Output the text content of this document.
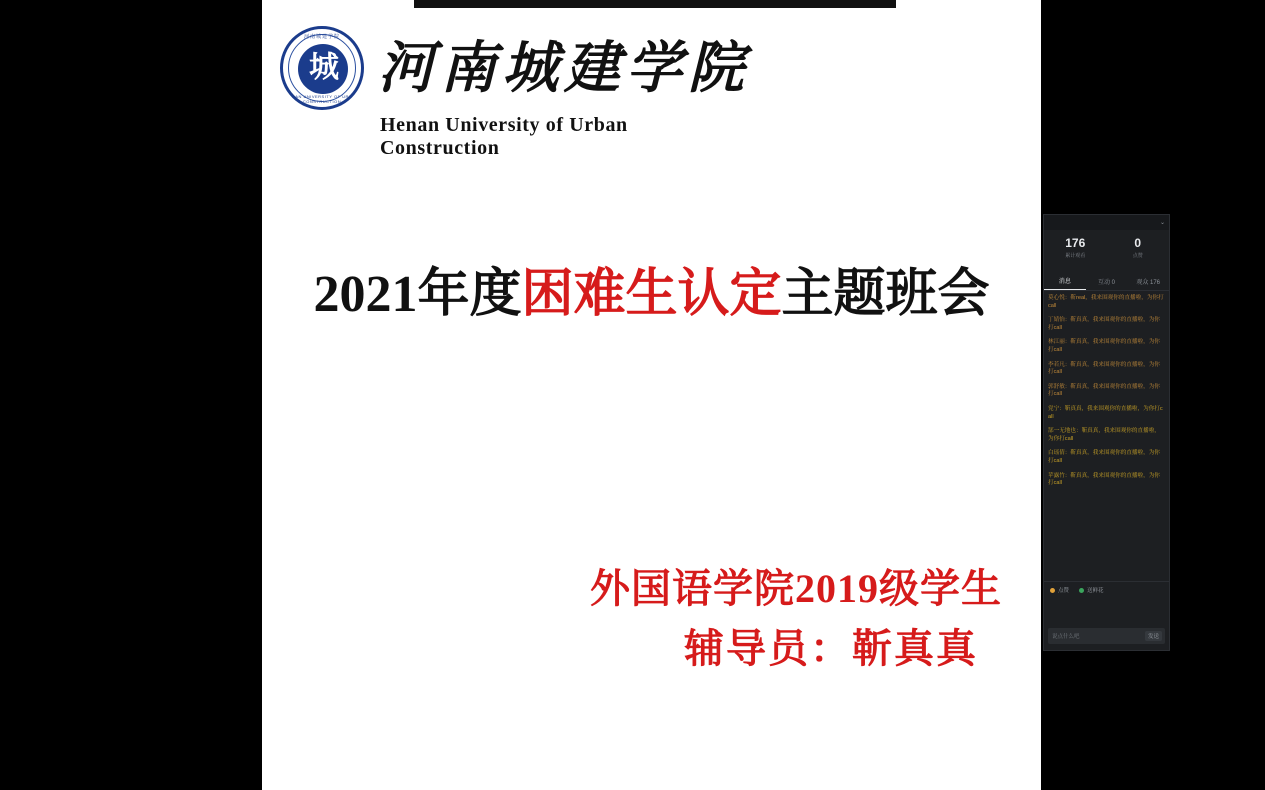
河南城建学院
城
HENAN UNIVERSITY OF URBAN CONSTRUCTION
河南城建学院
Henan University of Urban Construction
2021年度困难生认定主题班会
外国语学院2019级学生
辅导员：靳真真
⌄
176
累计观看
0
点赞
消息	互动 0	观众 176
莫心悦：靳real，我来围观你的直播啦，为你打call
丁婧怡：靳真真，我来围观你的直播啦，为你打call
林江丽：靳真真，我来围观你的直播啦，为你打call
李若凡：靳真真，我来围观你的直播啦，为你打call
郭舒敏：靳真真，我来围观你的直播啦，为你打call
党宁：靳真真，我来围观你的直播啦，为你打call
郜一无地也：靳真真，我来围观你的直播啦，为你打call
白瑶倩：靳真真，我来围观你的直播啦，为你打call
苹露竹：靳真真，我来围观你的直播啦，为你打call
点赞	送鲜花
说点什么吧	发送
